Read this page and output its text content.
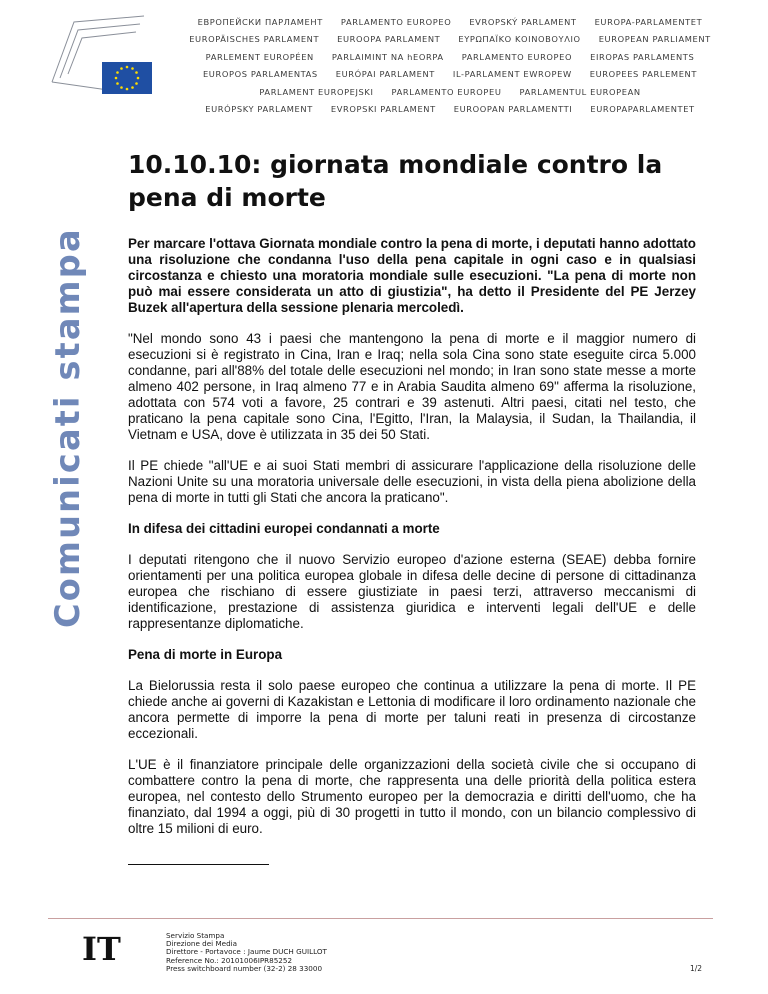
ЕВРОПЕЙСКИ ПАРЛАМЕНТ PARLAMENTO EUROPEO EVROPSKÝ PARLAMENT EUROPA-PARLAMENTET
EUROPÄISCHES PARLAMENT EUROOPA PARLAMENT ΕΥΡΩΠΑΪΚΟ ΚΟΙΝΟΒΟΥΛΙΟ EUROPEAN PARLIAMENT
PARLEMENT EUROPÉEN PARLAIMINT NA hEORPA PARLAMENTO EUROPEO EIROPAS PARLAMENTS
EUROPOS PARLAMENTAS EURÓPAI PARLAMENT IL-PARLAMENT EWROPEW EUROPEES PARLEMENT
PARLAMENT EUROPEJSKI PARLAMENTO EUROPEU PARLAMENTUL EUROPEAN
EURÓPSKY PARLAMENT EVROPSKI PARLAMENT EUROOPAN PARLAMENTTI EUROPAPARLAMENTET
Comunicati stampa
10.10.10: giornata mondiale contro la pena di morte

Per marcare l'ottava Giornata mondiale contro la pena di morte, i deputati hanno adottato una risoluzione che condanna l'uso della pena capitale in ogni caso e in qualsiasi circostanza e chiesto una moratoria mondiale sulle esecuzioni. "La pena di morte non può mai essere considerata un atto di giustizia", ha detto il Presidente del PE Jerzey Buzek all'apertura della sessione plenaria mercoledì.

"Nel mondo sono 43 i paesi che mantengono la pena di morte e il maggior numero di esecuzioni si è registrato in Cina, Iran e Iraq; nella sola Cina sono state eseguite circa 5.000 condanne, pari all'88% del totale delle esecuzioni nel mondo; in Iran sono state messe a morte almeno 402 persone, in Iraq almeno 77 e in Arabia Saudita almeno 69" afferma la risoluzione, adottata con 574 voti a favore, 25 contrari e 39 astenuti. Altri paesi, citati nel testo, che praticano la pena capitale sono Cina, l'Egitto, l'Iran, la Malaysia, il Sudan, la Thailandia, il Vietnam e USA, dove è utilizzata in 35 dei 50 Stati.

Il PE chiede "all'UE e ai suoi Stati membri di assicurare l'applicazione della risoluzione delle Nazioni Unite su una moratoria universale delle esecuzioni, in vista della piena abolizione della pena di morte in tutti gli Stati che ancora la praticano".

In difesa dei cittadini europei condannati a morte

I deputati ritengono che il nuovo Servizio europeo d'azione esterna (SEAE) debba fornire orientamenti per una politica europea globale in difesa delle decine di persone di cittadinanza europea che rischiano di essere giustiziate in paesi terzi, attraverso meccanismi di identificazione, prestazione di assistenza giuridica e interventi legali dell'UE e delle rappresentanze diplomatiche.

Pena di morte in Europa

La Bielorussia resta il solo paese europeo che continua a utilizzare la pena di morte. Il PE chiede anche ai governi di Kazakistan e Lettonia di modificare il loro ordinamento nazionale che ancora permette di imporre la pena di morte per taluni reati in presenza di circostanze eccezionali.

L'UE è il finanziatore principale delle organizzazioni della società civile che si occupano di combattere contro la pena di morte, che rappresenta una delle priorità della politica estera europea, nel contesto dello Strumento europeo per la democrazia e diritti dell'uomo, che ha finanziato, dal 1994 a oggi, più di 30 progetti in tutto il mondo, con un bilancio complessivo di oltre 15 milioni di euro.

IT	Servizio Stampa
Direzione dei Media
Direttore - Portavoce : Jaume DUCH GUILLOT
Reference No.: 20101006IPR85252
Press switchboard number (32-2) 28 33000	1/2
